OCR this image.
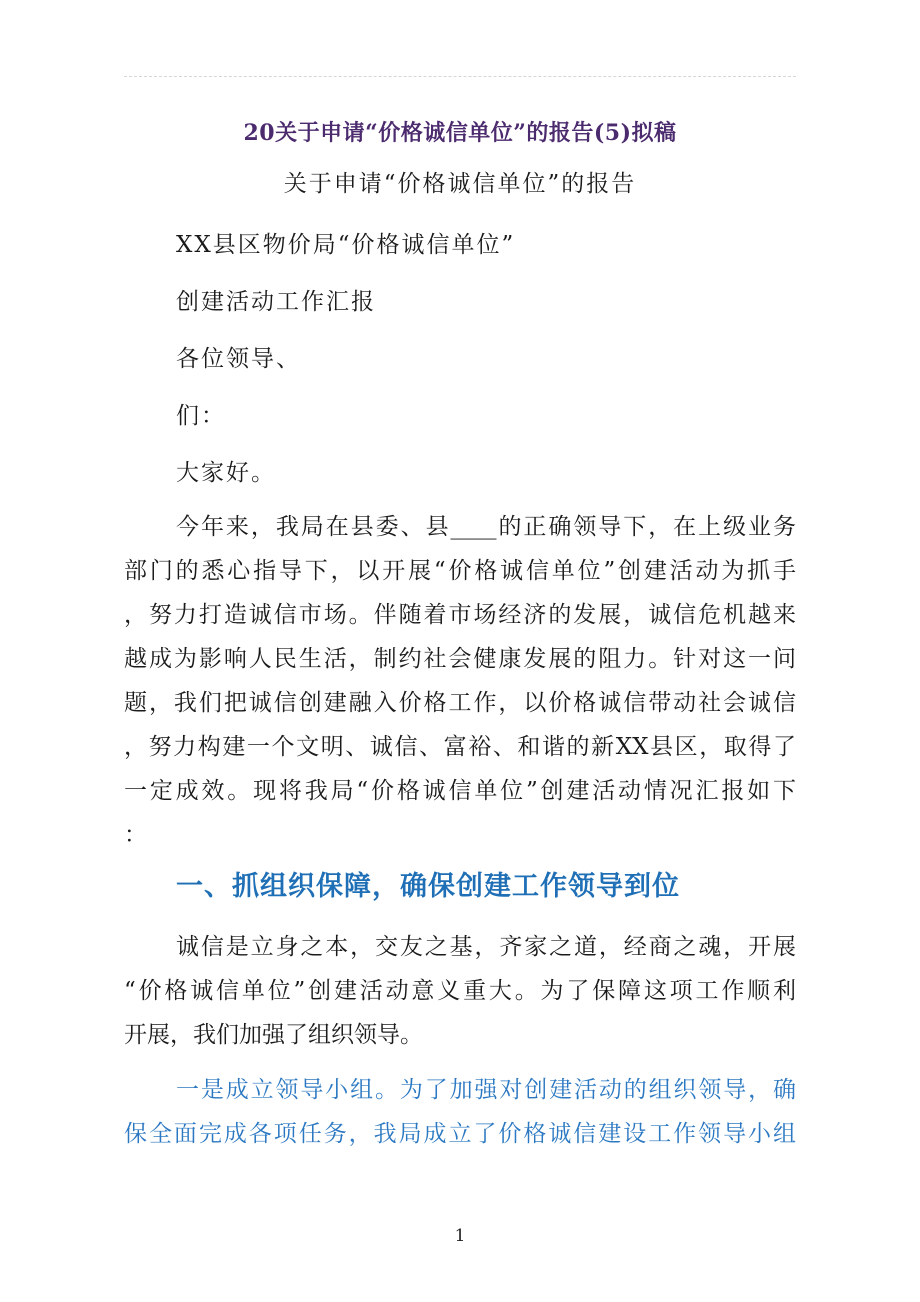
20关于申请“价格诚信单位”的报告(5)拟稿
关于申请“价格诚信单位”的报告
XX县区物价局“价格诚信单位”
创建活动工作汇报
各位领导、
们：
大家好。
今年来，我局在县委、县____的正确领导下，在上级业务
部门的悉心指导下，以开展“价格诚信单位”创建活动为抓手
，努力打造诚信市场。伴随着市场经济的发展，诚信危机越来
越成为影响人民生活，制约社会健康发展的阻力。针对这一问
题，我们把诚信创建融入价格工作，以价格诚信带动社会诚信
，努力构建一个文明、诚信、富裕、和谐的新XX县区，取得了
一定成效。现将我局“价格诚信单位”创建活动情况汇报如下
：
一、抓组织保障，确保创建工作领导到位
诚信是立身之本，交友之基，齐家之道，经商之魂，开展
“价格诚信单位”创建活动意义重大。为了保障这项工作顺利
开展，我们加强了组织领导。
一是成立领导小组。为了加强对创建活动的组织领导，确
保全面完成各项任务，我局成立了价格诚信建设工作领导小组
1
